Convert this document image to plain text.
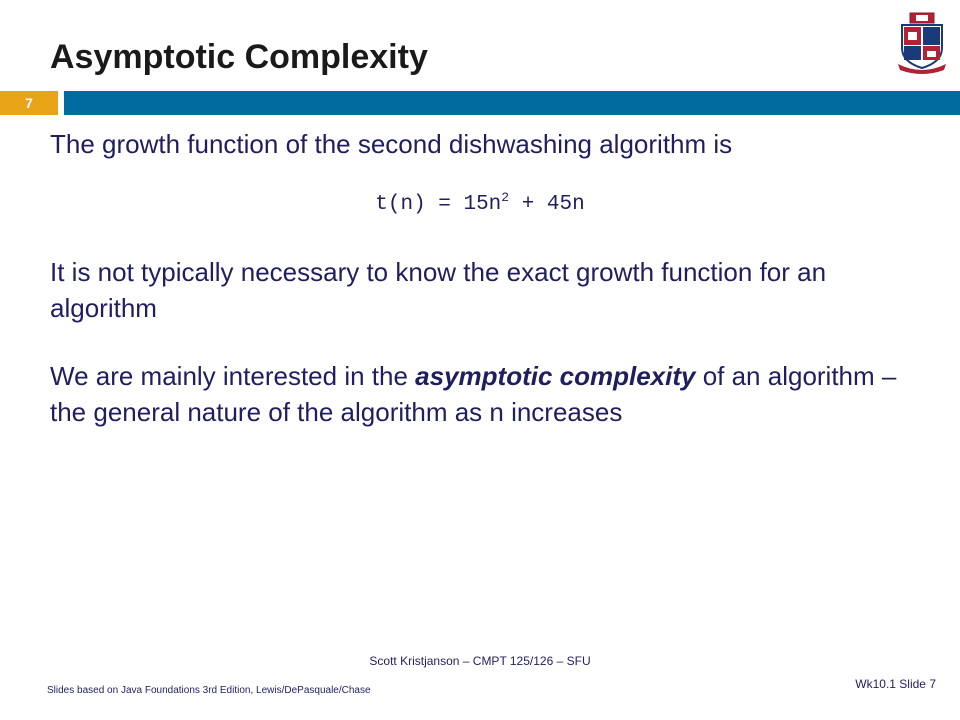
Asymptotic Complexity
7
The growth function of the second dishwashing algorithm is
$t(n) = 15n^2 + 45n$
It is not typically necessary to know the exact growth function for an algorithm
We are mainly interested in the asymptotic complexity of an algorithm – the general nature of the algorithm as n increases
Scott Kristjanson – CMPT 125/126 – SFU
Slides based on Java Foundations 3rd Edition, Lewis/DePasquale/Chase	Wk10.1 Slide 7
